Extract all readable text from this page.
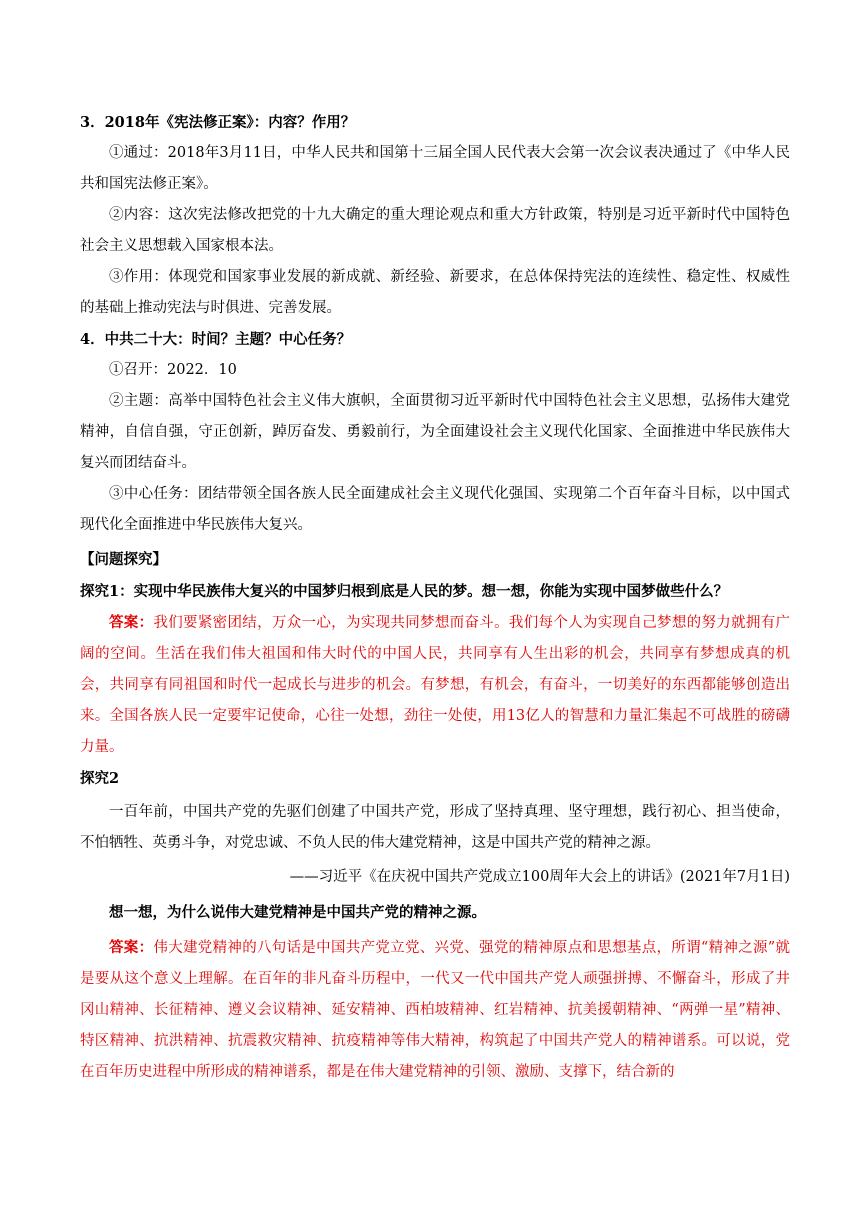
3．2018年《宪法修正案》：内容？作用？

①通过：2018年3月11日，中华人民共和国第十三届全国人民代表大会第一次会议表决通过了《中华人民共和国宪法修正案》。

②内容：这次宪法修改把党的十九大确定的重大理论观点和重大方针政策，特别是习近平新时代中国特色社会主义思想载入国家根本法。

③作用：体现党和国家事业发展的新成就、新经验、新要求，在总体保持宪法的连续性、稳定性、权威性的基础上推动宪法与时俱进、完善发展。

4．中共二十大：时间？主题？中心任务？

①召开：2022．10

②主题：高举中国特色社会主义伟大旗帜，全面贯彻习近平新时代中国特色社会主义思想，弘扬伟大建党精神，自信自强，守正创新，踔厉奋发、勇毅前行，为全面建设社会主义现代化国家、全面推进中华民族伟大复兴而团结奋斗。

③中心任务：团结带领全国各族人民全面建成社会主义现代化强国、实现第二个百年奋斗目标，以中国式现代化全面推进中华民族伟大复兴。

【问题探究】

探究1：实现中华民族伟大复兴的中国梦归根到底是人民的梦。想一想，你能为实现中国梦做些什么？

答案：我们要紧密团结，万众一心，为实现共同梦想而奋斗。我们每个人为实现自己梦想的努力就拥有广阔的空间。生活在我们伟大祖国和伟大时代的中国人民，共同享有人生出彩的机会，共同享有梦想成真的机会，共同享有同祖国和时代一起成长与进步的机会。有梦想，有机会，有奋斗，一切美好的东西都能够创造出来。全国各族人民一定要牢记使命，心往一处想，劲往一处使，用13亿人的智慧和力量汇集起不可战胜的磅礴力量。

探究2

一百年前，中国共产党的先驱们创建了中国共产党，形成了坚持真理、坚守理想，践行初心、担当使命，不怕牺牲、英勇斗争，对党忠诚、不负人民的伟大建党精神，这是中国共产党的精神之源。

——习近平《在庆祝中国共产党成立100周年大会上的讲话》(2021年7月1日)

想一想，为什么说伟大建党精神是中国共产党的精神之源。

答案：伟大建党精神的八句话是中国共产党立党、兴党、强党的精神原点和思想基点，所谓“精神之源”就是要从这个意义上理解。在百年的非凡奋斗历程中，一代又一代中国共产党人顽强拼搏、不懈奋斗，形成了井冈山精神、长征精神、遵义会议精神、延安精神、西柏坡精神、红岩精神、抗美援朝精神、“两弹一星”精神、特区精神、抗洪精神、抗震救灾精神、抗疫精神等伟大精神，构筑起了中国共产党人的精神谱系。可以说，党在百年历史进程中所形成的精神谱系，都是在伟大建党精神的引领、激励、支撑下，结合新的
